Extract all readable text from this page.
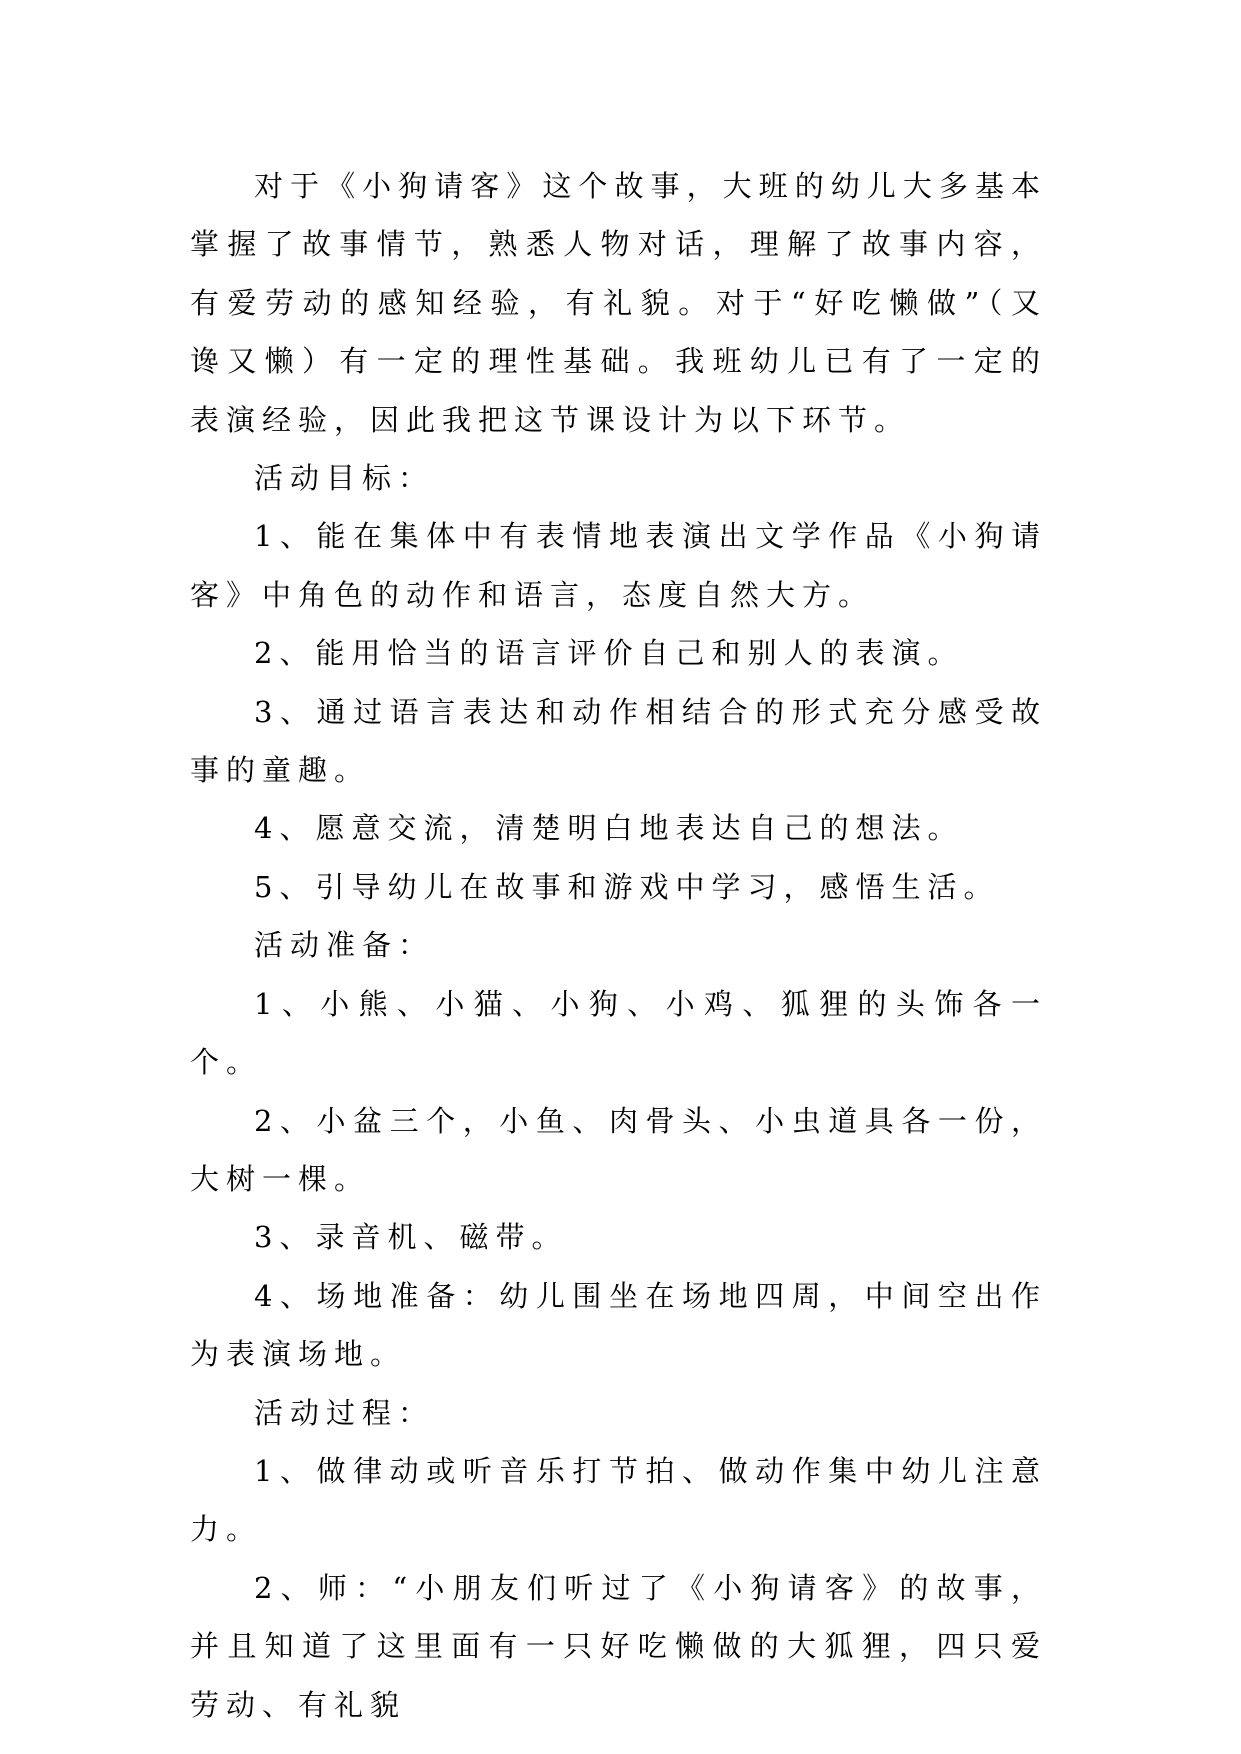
对于《小狗请客》这个故事，大班的幼儿大多基本掌握了故事情节，熟悉人物对话，理解了故事内容，有爱劳动的感知经验，有礼貌。对于“好吃懒做”（又谗又懒）有一定的理性基础。我班幼儿已有了一定的表演经验，因此我把这节课设计为以下环节。

活动目标：

1、能在集体中有表情地表演出文学作品《小狗请客》中角色的动作和语言，态度自然大方。

2、能用恰当的语言评价自己和别人的表演。

3、通过语言表达和动作相结合的形式充分感受故事的童趣。

4、愿意交流，清楚明白地表达自己的想法。

5、引导幼儿在故事和游戏中学习，感悟生活。

活动准备：

1、小熊、小猫、小狗、小鸡、狐狸的头饰各一个。

2、小盆三个，小鱼、肉骨头、小虫道具各一份，大树一棵。

3、录音机、磁带。

4、场地准备：幼儿围坐在场地四周，中间空出作为表演场地。

活动过程：

1、做律动或听音乐打节拍、做动作集中幼儿注意力。

2、师：“小朋友们听过了《小狗请客》的故事，并且知道了这里面有一只好吃懒做的大狐狸，四只爱劳动、有礼貌
